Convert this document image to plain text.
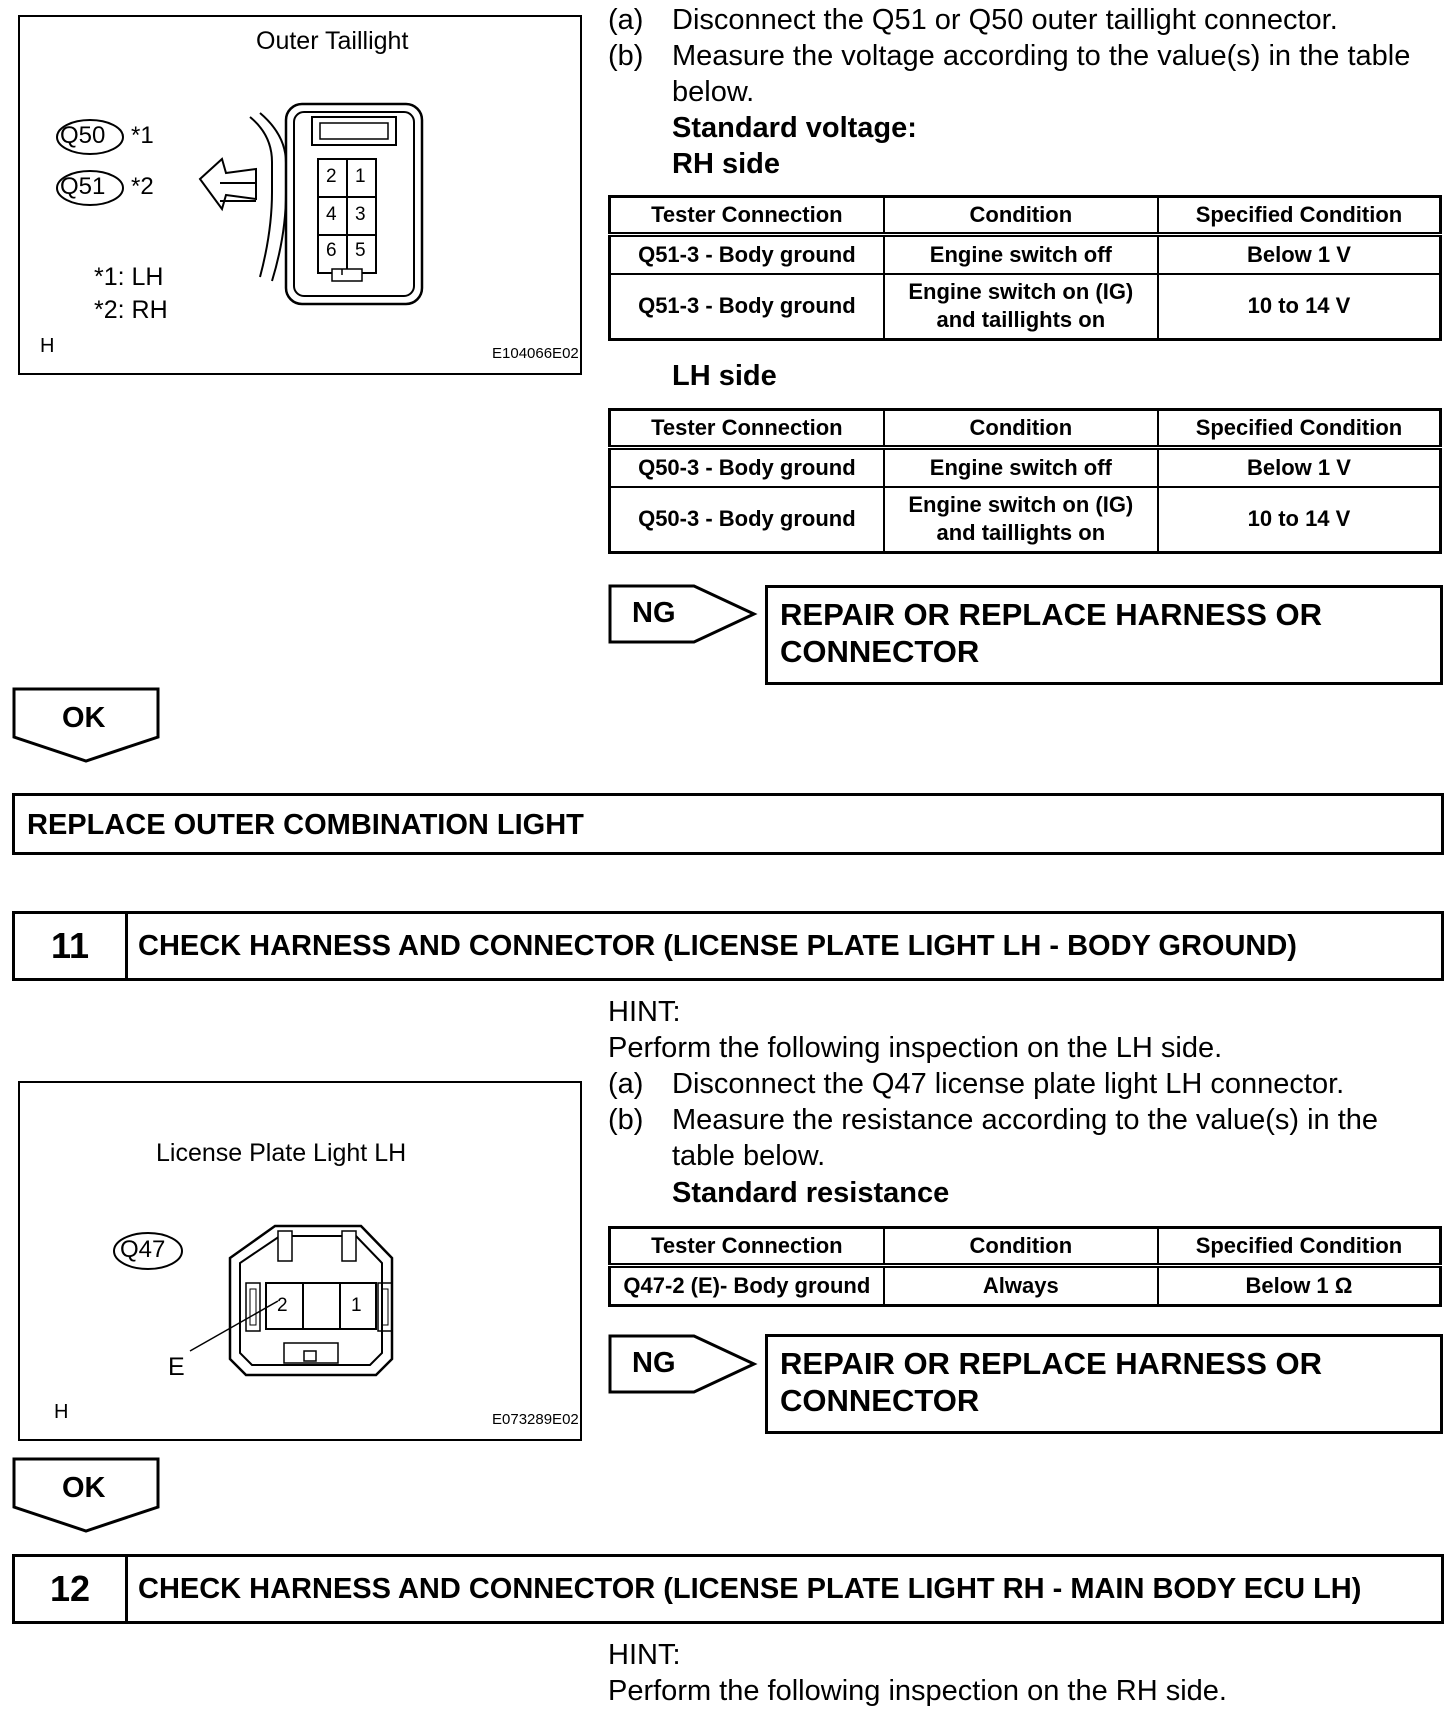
Outer Taillight
Q50 *1
Q51 *2	2 1
4 3
6 5
*1: LH
*2: RH
H	E104066E02
(a) Disconnect the Q51 or Q50 outer taillight connector.
(b) Measure the voltage according to the value(s) in the table below.
Standard voltage:
RH side
Tester Connection	Condition	Specified Condition
Q51-3 - Body ground	Engine switch off	Below 1 V
Q51-3 - Body ground	Engine switch on (IG) and taillights on	10 to 14 V
LH side
Tester Connection	Condition	Specified Condition
Q50-3 - Body ground	Engine switch off	Below 1 V
Q50-3 - Body ground	Engine switch on (IG) and taillights on	10 to 14 V
NG	REPAIR OR REPLACE HARNESS OR CONNECTOR
OK
REPLACE OUTER COMBINATION LIGHT
11	CHECK HARNESS AND CONNECTOR (LICENSE PLATE LIGHT LH - BODY GROUND)
HINT:
Perform the following inspection on the LH side.
(a) Disconnect the Q47 license plate light LH connector.
(b) Measure the resistance according to the value(s) in the table below.
Standard resistance
Tester Connection	Condition	Specified Condition
Q47-2 (E)- Body ground	Always	Below 1 Ω
License Plate Light LH
Q47
2	1
E
H	E073289E02
NG	REPAIR OR REPLACE HARNESS OR CONNECTOR
OK
12	CHECK HARNESS AND CONNECTOR (LICENSE PLATE LIGHT RH - MAIN BODY ECU LH)
HINT:
Perform the following inspection on the RH side.
